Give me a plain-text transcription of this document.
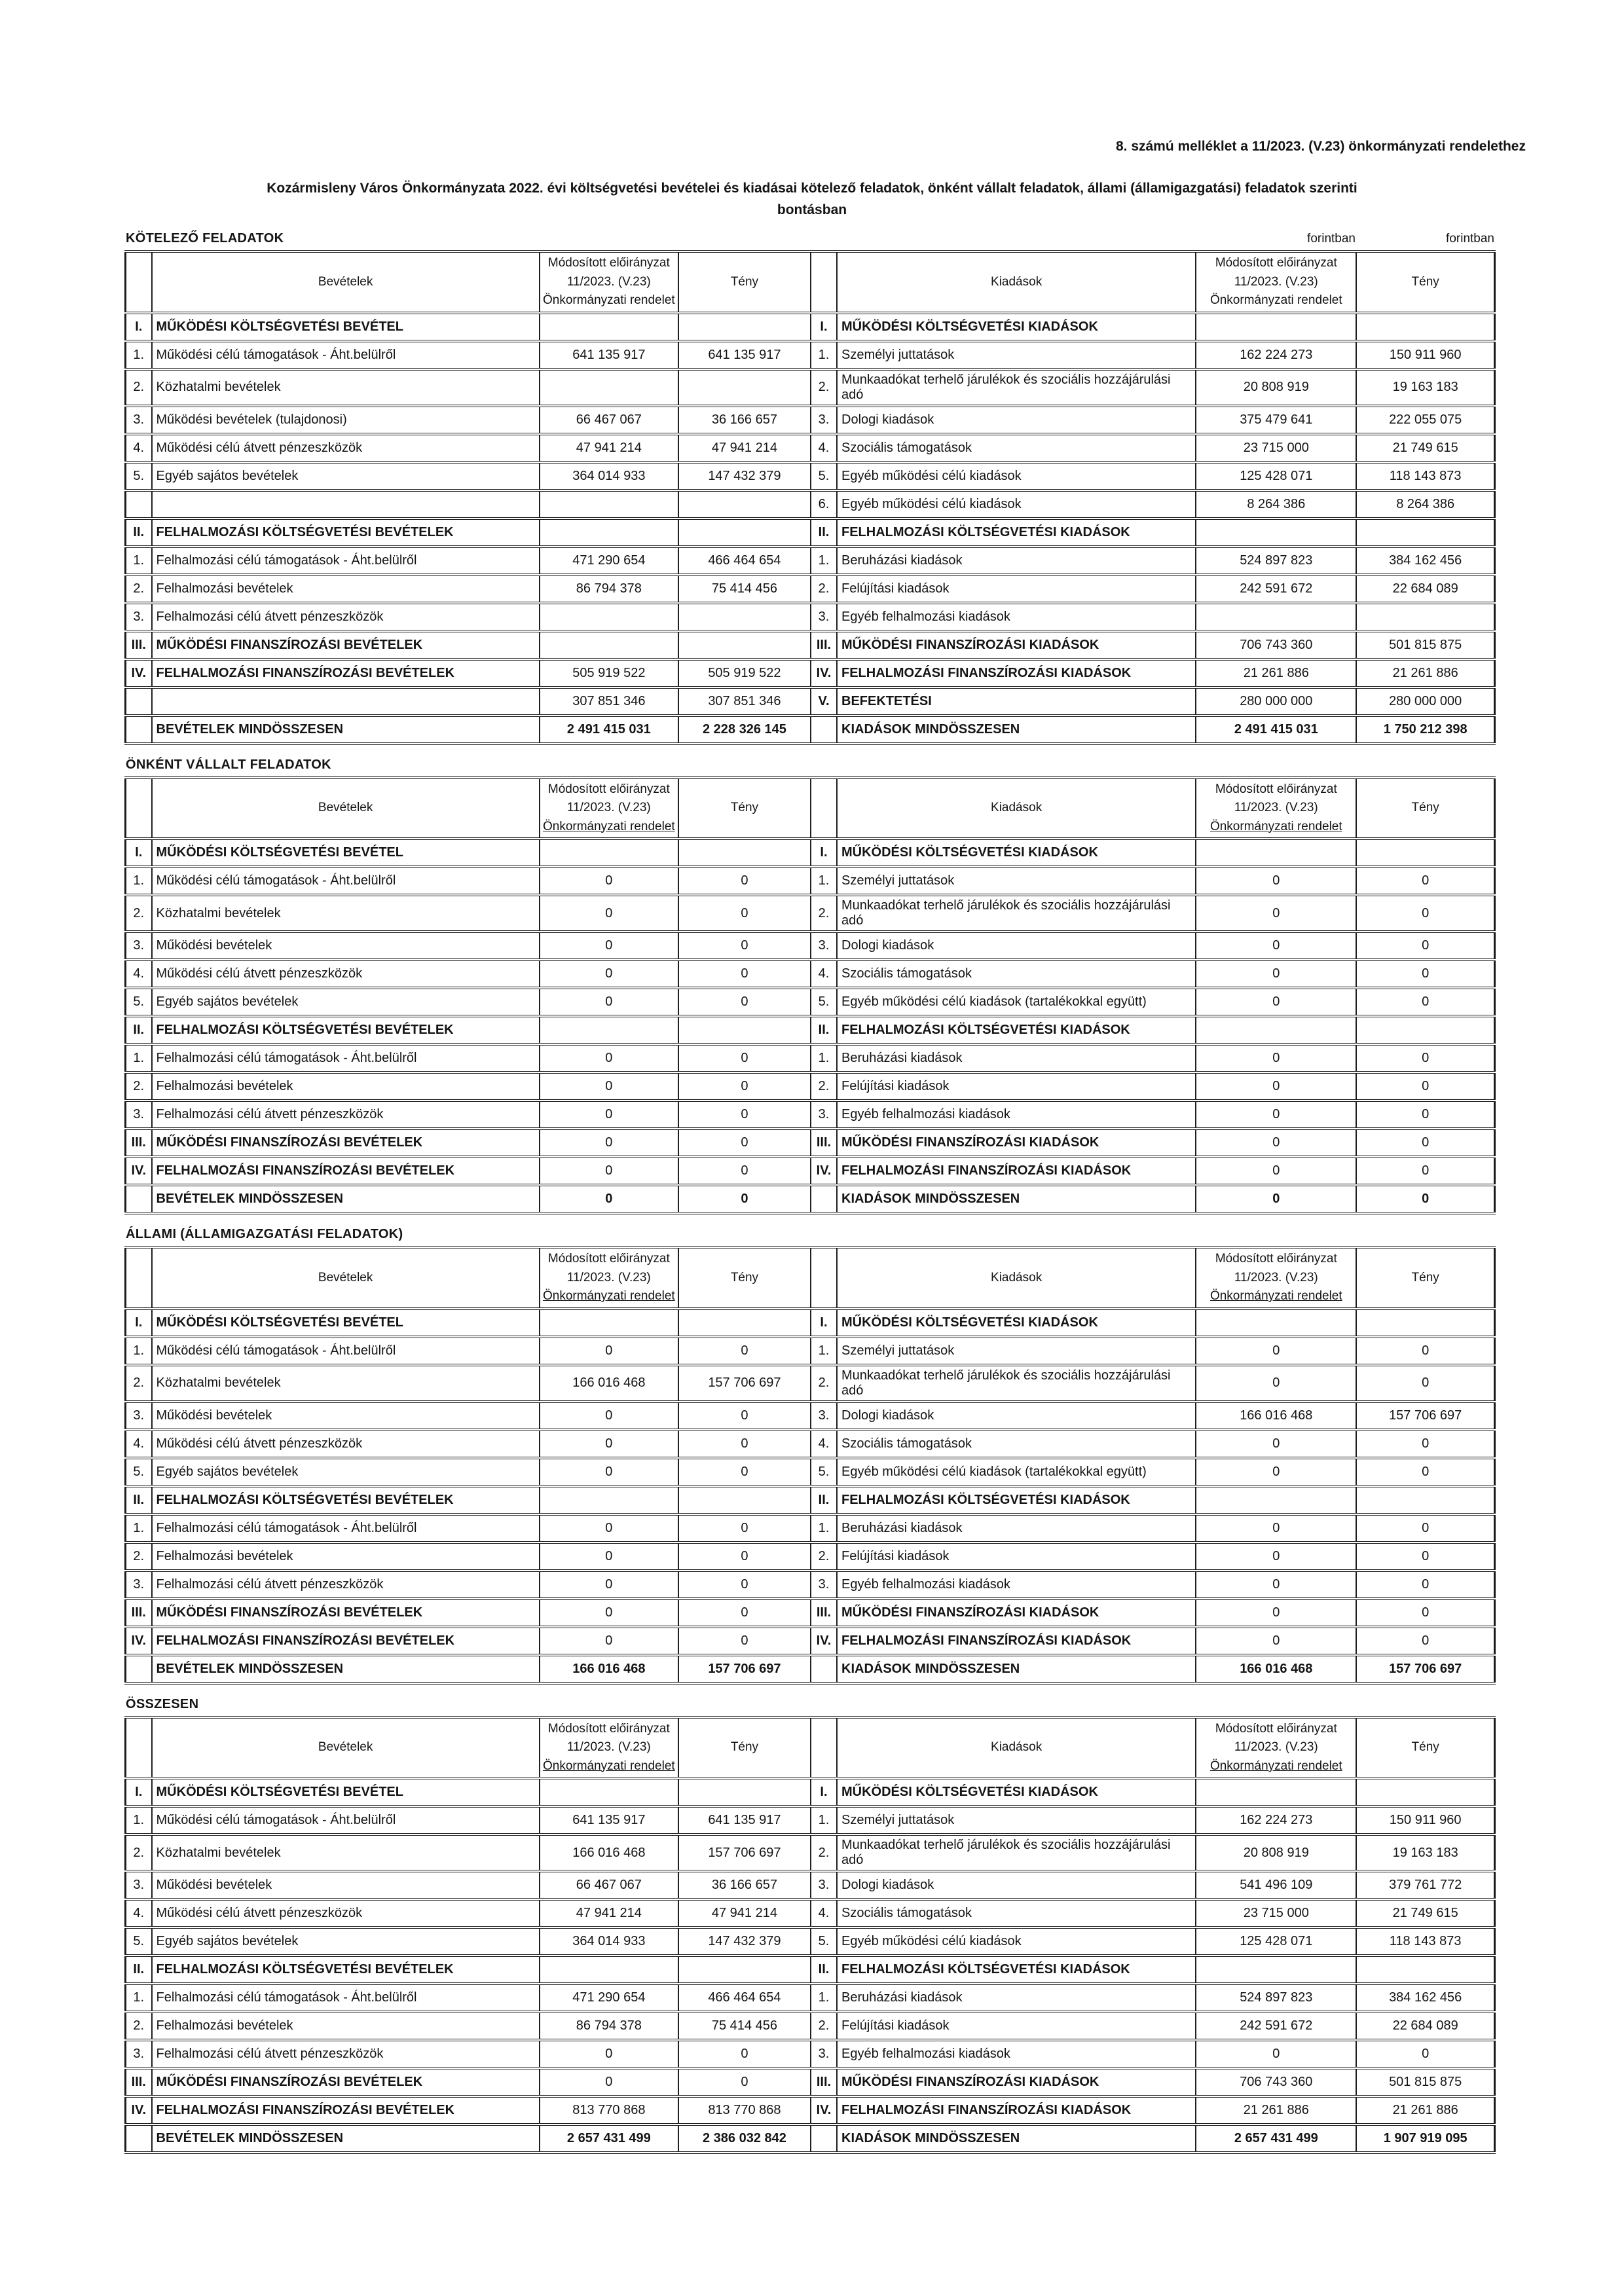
8. számú melléklet a 11/2023. (V.23) önkormányzati rendelethez
Kozármisleny Város Önkormányzata 2022. évi költségvetési bevételei és kiadásai kötelező feladatok, önként vállalt feladatok, állami (államigazgatási) feladatok szerinti
bontásban
KÖTELEZŐ FELADATOK	forintban	forintban
	Bevételek	
Módosított előirányzat
11/2023. (V.23)
Önkormányzati rendelet
	Tény		Kiadások	
Módosított előirányzat
11/2023. (V.23)
Önkormányzati rendelet
	Tény
I.	MŰKÖDÉSI KÖLTSÉGVETÉSI BEVÉTEL			I.	MŰKÖDÉSI KÖLTSÉGVETÉSI KIADÁSOK		
1.	Működési célú támogatások - Áht.belülről	641 135 917	641 135 917	1.	Személyi juttatások	162 224 273	150 911 960
2.	Közhatalmi bevételek			2.	Munkaadókat terhelő járulékok és szociális hozzájárulási adó	20 808 919	19 163 183
3.	Működési bevételek (tulajdonosi)	66 467 067	36 166 657	3.	Dologi kiadások	375 479 641	222 055 075
4.	Működési célú átvett pénzeszközök	47 941 214	47 941 214	4.	Szociális támogatások	23 715 000	21 749 615
5.	Egyéb sajátos bevételek	364 014 933	147 432 379	5.	Egyéb működési célú kiadások	125 428 071	118 143 873
				6.	Egyéb működési célú kiadások	8 264 386	8 264 386
II.	FELHALMOZÁSI KÖLTSÉGVETÉSI BEVÉTELEK			II.	FELHALMOZÁSI KÖLTSÉGVETÉSI KIADÁSOK		
1.	Felhalmozási célú támogatások - Áht.belülről	471 290 654	466 464 654	1.	Beruházási kiadások	524 897 823	384 162 456
2.	Felhalmozási bevételek	86 794 378	75 414 456	2.	Felújítási kiadások	242 591 672	22 684 089
3.	Felhalmozási célú átvett pénzeszközök			3.	Egyéb felhalmozási kiadások		
III.	MŰKÖDÉSI FINANSZÍROZÁSI BEVÉTELEK			III.	MŰKÖDÉSI FINANSZÍROZÁSI KIADÁSOK	706 743 360	501 815 875
IV.	FELHALMOZÁSI FINANSZÍROZÁSI BEVÉTELEK	505 919 522	505 919 522	IV.	FELHALMOZÁSI FINANSZÍROZÁSI KIADÁSOK	21 261 886	21 261 886
		307 851 346	307 851 346	V.	BEFEKTETÉSI	280 000 000	280 000 000
	BEVÉTELEK MINDÖSSZESEN	2 491 415 031	2 228 326 145		KIADÁSOK MINDÖSSZESEN	2 491 415 031	1 750 212 398
ÖNKÉNT VÁLLALT FELADATOK
	Bevételek	
Módosított előirányzat
11/2023. (V.23)
Önkormányzati rendelet
	Tény		Kiadások	
Módosított előirányzat
11/2023. (V.23)
Önkormányzati rendelet
	Tény
I.	MŰKÖDÉSI KÖLTSÉGVETÉSI BEVÉTEL			I.	MŰKÖDÉSI KÖLTSÉGVETÉSI KIADÁSOK		
1.	Működési célú támogatások - Áht.belülről	0	0	1.	Személyi juttatások	0	0
2.	Közhatalmi bevételek	0	0	2.	Munkaadókat terhelő járulékok és szociális hozzájárulási adó	0	0
3.	Működési bevételek	0	0	3.	Dologi kiadások	0	0
4.	Működési célú átvett pénzeszközök	0	0	4.	Szociális támogatások	0	0
5.	Egyéb sajátos bevételek	0	0	5.	Egyéb működési célú kiadások (tartalékokkal együtt)	0	0
II.	FELHALMOZÁSI KÖLTSÉGVETÉSI BEVÉTELEK			II.	FELHALMOZÁSI KÖLTSÉGVETÉSI KIADÁSOK		
1.	Felhalmozási célú támogatások - Áht.belülről	0	0	1.	Beruházási kiadások	0	0
2.	Felhalmozási bevételek	0	0	2.	Felújítási kiadások	0	0
3.	Felhalmozási célú átvett pénzeszközök	0	0	3.	Egyéb felhalmozási kiadások	0	0
III.	MŰKÖDÉSI FINANSZÍROZÁSI BEVÉTELEK	0	0	III.	MŰKÖDÉSI FINANSZÍROZÁSI KIADÁSOK	0	0
IV.	FELHALMOZÁSI FINANSZÍROZÁSI BEVÉTELEK	0	0	IV.	FELHALMOZÁSI FINANSZÍROZÁSI KIADÁSOK	0	0
	BEVÉTELEK MINDÖSSZESEN	0	0		KIADÁSOK MINDÖSSZESEN	0	0
ÁLLAMI (ÁLLAMIGAZGATÁSI FELADATOK)
	Bevételek	
Módosított előirányzat
11/2023. (V.23)
Önkormányzati rendelet
	Tény		Kiadások	
Módosított előirányzat
11/2023. (V.23)
Önkormányzati rendelet
	Tény
I.	MŰKÖDÉSI KÖLTSÉGVETÉSI BEVÉTEL			I.	MŰKÖDÉSI KÖLTSÉGVETÉSI KIADÁSOK		
1.	Működési célú támogatások - Áht.belülről	0	0	1.	Személyi juttatások	0	0
2.	Közhatalmi bevételek	166 016 468	157 706 697	2.	Munkaadókat terhelő járulékok és szociális hozzájárulási adó	0	0
3.	Működési bevételek	0	0	3.	Dologi kiadások	166 016 468	157 706 697
4.	Működési célú átvett pénzeszközök	0	0	4.	Szociális támogatások	0	0
5.	Egyéb sajátos bevételek	0	0	5.	Egyéb működési célú kiadások (tartalékokkal együtt)	0	0
II.	FELHALMOZÁSI KÖLTSÉGVETÉSI BEVÉTELEK			II.	FELHALMOZÁSI KÖLTSÉGVETÉSI KIADÁSOK		
1.	Felhalmozási célú támogatások - Áht.belülről	0	0	1.	Beruházási kiadások	0	0
2.	Felhalmozási bevételek	0	0	2.	Felújítási kiadások	0	0
3.	Felhalmozási célú átvett pénzeszközök	0	0	3.	Egyéb felhalmozási kiadások	0	0
III.	MŰKÖDÉSI FINANSZÍROZÁSI BEVÉTELEK	0	0	III.	MŰKÖDÉSI FINANSZÍROZÁSI KIADÁSOK	0	0
IV.	FELHALMOZÁSI FINANSZÍROZÁSI BEVÉTELEK	0	0	IV.	FELHALMOZÁSI FINANSZÍROZÁSI KIADÁSOK	0	0
	BEVÉTELEK MINDÖSSZESEN	166 016 468	157 706 697		KIADÁSOK MINDÖSSZESEN	166 016 468	157 706 697
ÖSSZESEN
	Bevételek	
Módosított előirányzat
11/2023. (V.23)
Önkormányzati rendelet
	Tény		Kiadások	
Módosított előirányzat
11/2023. (V.23)
Önkormányzati rendelet
	Tény
I.	MŰKÖDÉSI KÖLTSÉGVETÉSI BEVÉTEL			I.	MŰKÖDÉSI KÖLTSÉGVETÉSI KIADÁSOK		
1.	Működési célú támogatások - Áht.belülről	641 135 917	641 135 917	1.	Személyi juttatások	162 224 273	150 911 960
2.	Közhatalmi bevételek	166 016 468	157 706 697	2.	Munkaadókat terhelő járulékok és szociális hozzájárulási adó	20 808 919	19 163 183
3.	Működési bevételek	66 467 067	36 166 657	3.	Dologi kiadások	541 496 109	379 761 772
4.	Működési célú átvett pénzeszközök	47 941 214	47 941 214	4.	Szociális támogatások	23 715 000	21 749 615
5.	Egyéb sajátos bevételek	364 014 933	147 432 379	5.	Egyéb működési célú kiadások	125 428 071	118 143 873
II.	FELHALMOZÁSI KÖLTSÉGVETÉSI BEVÉTELEK			II.	FELHALMOZÁSI KÖLTSÉGVETÉSI KIADÁSOK		
1.	Felhalmozási célú támogatások - Áht.belülről	471 290 654	466 464 654	1.	Beruházási kiadások	524 897 823	384 162 456
2.	Felhalmozási bevételek	86 794 378	75 414 456	2.	Felújítási kiadások	242 591 672	22 684 089
3.	Felhalmozási célú átvett pénzeszközök	0	0	3.	Egyéb felhalmozási kiadások	0	0
III.	MŰKÖDÉSI FINANSZÍROZÁSI BEVÉTELEK	0	0	III.	MŰKÖDÉSI FINANSZÍROZÁSI KIADÁSOK	706 743 360	501 815 875
IV.	FELHALMOZÁSI FINANSZÍROZÁSI BEVÉTELEK	813 770 868	813 770 868	IV.	FELHALMOZÁSI FINANSZÍROZÁSI KIADÁSOK	21 261 886	21 261 886
	BEVÉTELEK MINDÖSSZESEN	2 657 431 499	2 386 032 842		KIADÁSOK MINDÖSSZESEN	2 657 431 499	1 907 919 095
